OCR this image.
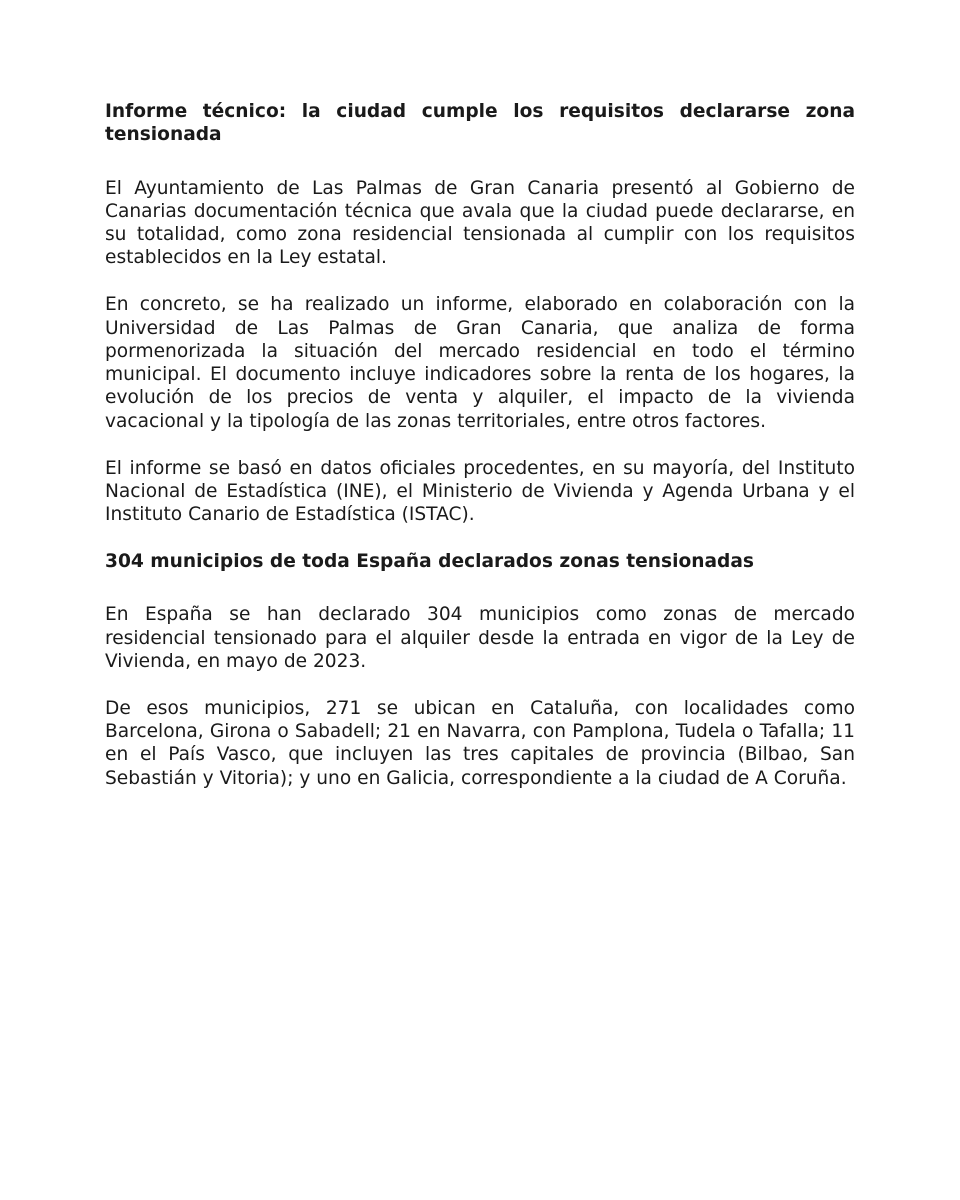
Informe técnico: la ciudad cumple los requisitos declararse zona tensionada

El Ayuntamiento de Las Palmas de Gran Canaria presentó al Gobierno de Canarias documentación técnica que avala que la ciudad puede declararse, en su totalidad, como zona residencial tensionada al cumplir con los requisitos establecidos en la Ley estatal.

En concreto, se ha realizado un informe, elaborado en colaboración con la Universidad de Las Palmas de Gran Canaria, que analiza de forma pormenorizada la situación del mercado residencial en todo el término municipal. El documento incluye indicadores sobre la renta de los hogares, la evolución de los precios de venta y alquiler, el impacto de la vivienda vacacional y la tipología de las zonas territoriales, entre otros factores.

El informe se basó en datos oficiales procedentes, en su mayoría, del Instituto Nacional de Estadística (INE), el Ministerio de Vivienda y Agenda Urbana y el Instituto Canario de Estadística (ISTAC).

304 municipios de toda España declarados zonas tensionadas

En España se han declarado 304 municipios como zonas de mercado residencial tensionado para el alquiler desde la entrada en vigor de la Ley de Vivienda, en mayo de 2023.

De esos municipios, 271 se ubican en Cataluña, con localidades como Barcelona, Girona o Sabadell; 21 en Navarra, con Pamplona, Tudela o Tafalla; 11 en el País Vasco, que incluyen las tres capitales de provincia (Bilbao, San Sebastián y Vitoria); y uno en Galicia, correspondiente a la ciudad de A Coruña.
